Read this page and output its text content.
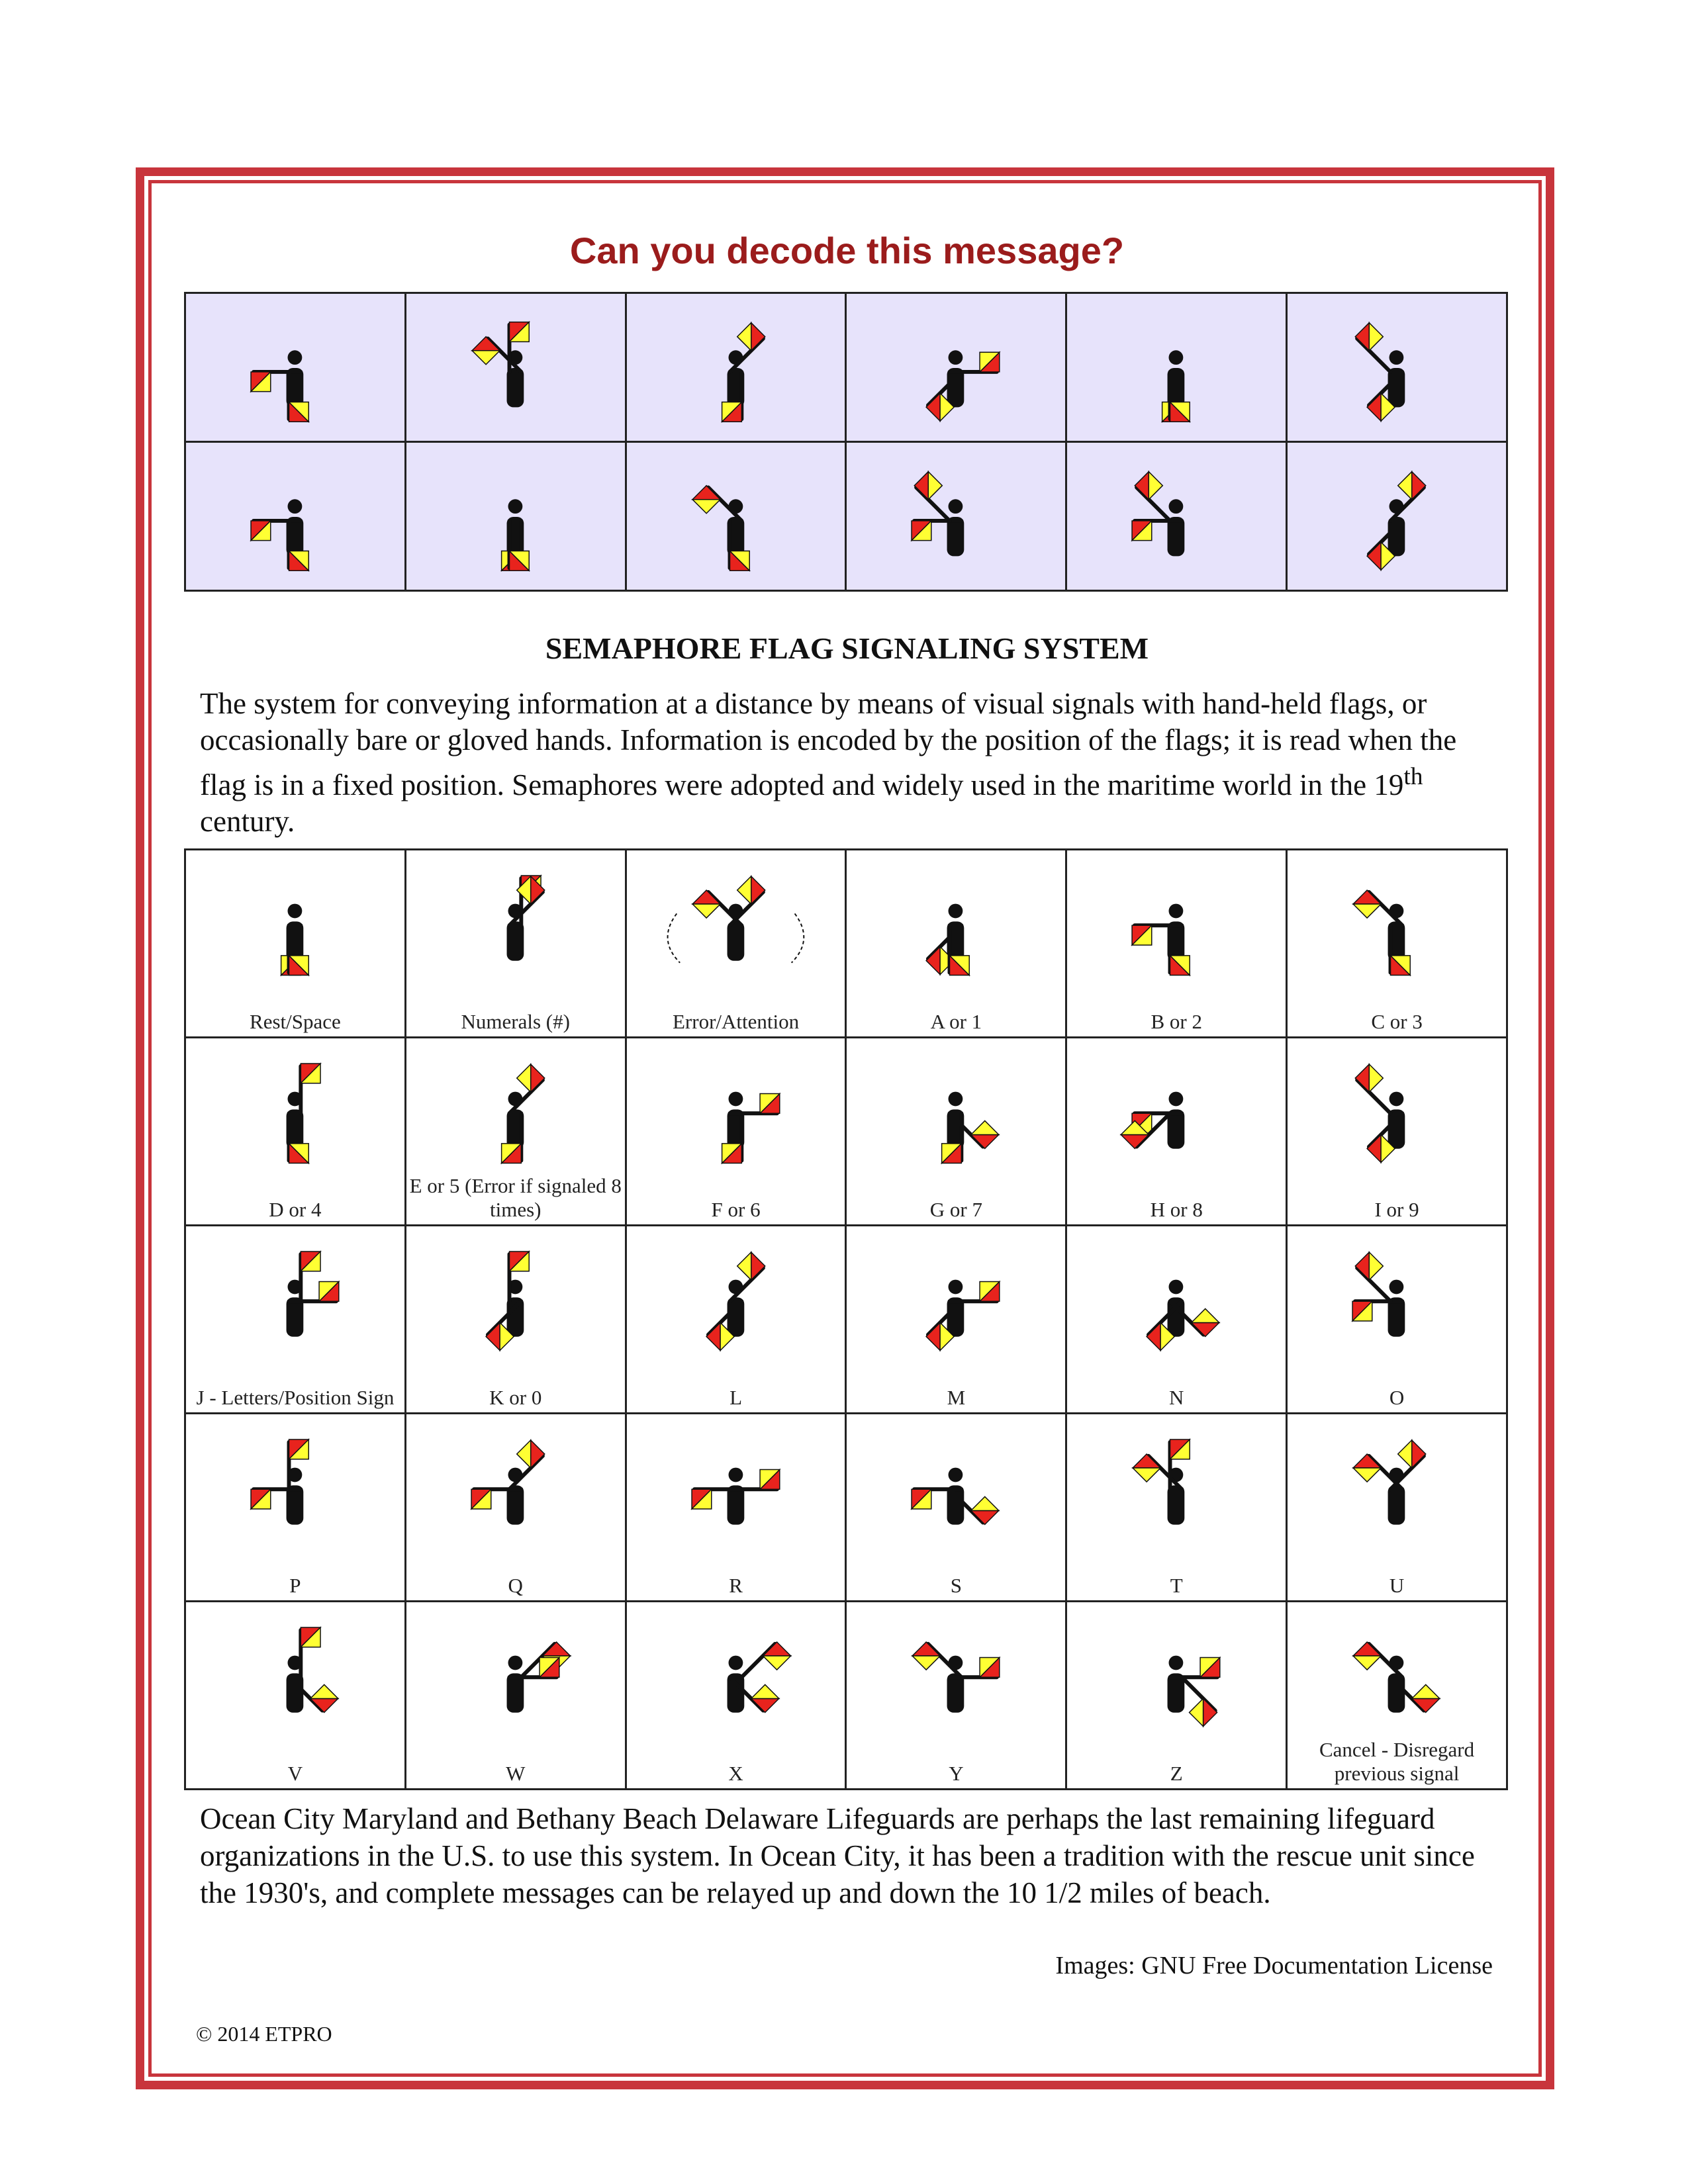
Can you decode this message?

SEMAPHORE FLAG SIGNALING SYSTEM

The system for conveying information at a distance by means of visual signals with hand-held flags, or occasionally bare or gloved hands. Information is encoded by the position of the flags; it is read when the flag is in a fixed position. Semaphores were adopted and widely used in the maritime world in the 19th century.

Rest/Space	Numerals (#)	Error/Attention	A or 1	B or 2	C or 3

D or 4	E or 5 (Error if signaled 8 times)	F or 6	G or 7	H or 8	I or 9

J - Letters/Position Sign	K or 0	L	M	N	O

P	Q	R	S	T	U

V	W	X	Y	Z	Cancel - Disregard previous signal

Ocean City Maryland and Bethany Beach Delaware Lifeguards are perhaps the last remaining lifeguard organizations in the U.S. to use this system. In Ocean City, it has been a tradition with the rescue unit since the 1930's, and complete messages can be relayed up and down the 10 1/2 miles of beach.

Images: GNU Free Documentation License
© 2014 ETPRO
